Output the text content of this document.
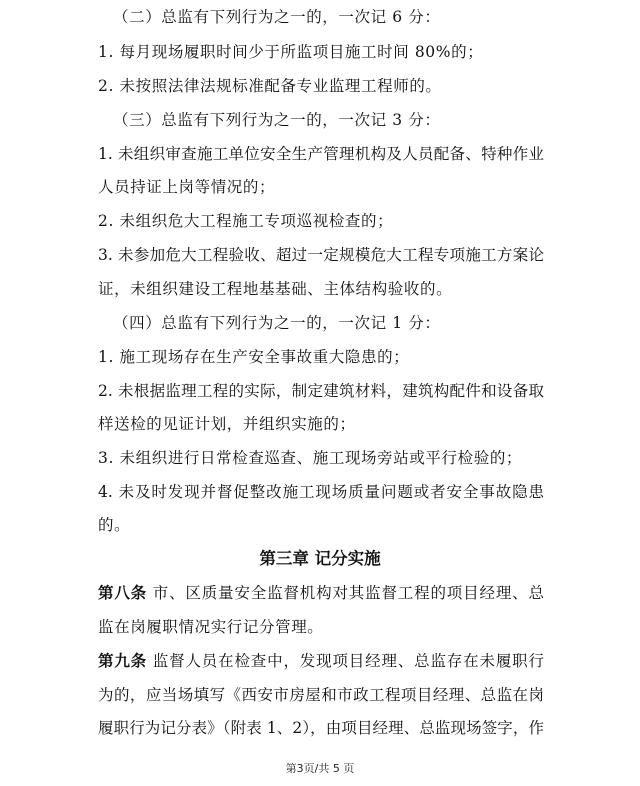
（二）总监有下列行为之一的，一次记 6 分：
1. 每月现场履职时间少于所监项目施工时间 80%的；
2. 未按照法律法规标准配备专业监理工程师的。
（三）总监有下列行为之一的，一次记 3 分：
1. 未组织审查施工单位安全生产管理机构及人员配备、特种作业
人员持证上岗等情况的；
2. 未组织危大工程施工专项巡视检查的；
3. 未参加危大工程验收、超过一定规模危大工程专项施工方案论
证，未组织建设工程地基基础、主体结构验收的。
（四）总监有下列行为之一的，一次记 1 分：
1. 施工现场存在生产安全事故重大隐患的；
2. 未根据监理工程的实际，制定建筑材料，建筑构配件和设备取
样送检的见证计划，并组织实施的；
3. 未组织进行日常检查巡查、施工现场旁站或平行检验的；
4. 未及时发现并督促整改施工现场质量问题或者安全事故隐患
的。
第三章 记分实施
第八条 市、区质量安全监督机构对其监督工程的项目经理、总
监在岗履职情况实行记分管理。
第九条 监督人员在检查中，发现项目经理、总监存在未履职行
为的，应当场填写《西安市房屋和市政工程项目经理、总监在岗
履职行为记分表》（附表 1、2），由项目经理、总监现场签字，作
第3页/共 5 页
